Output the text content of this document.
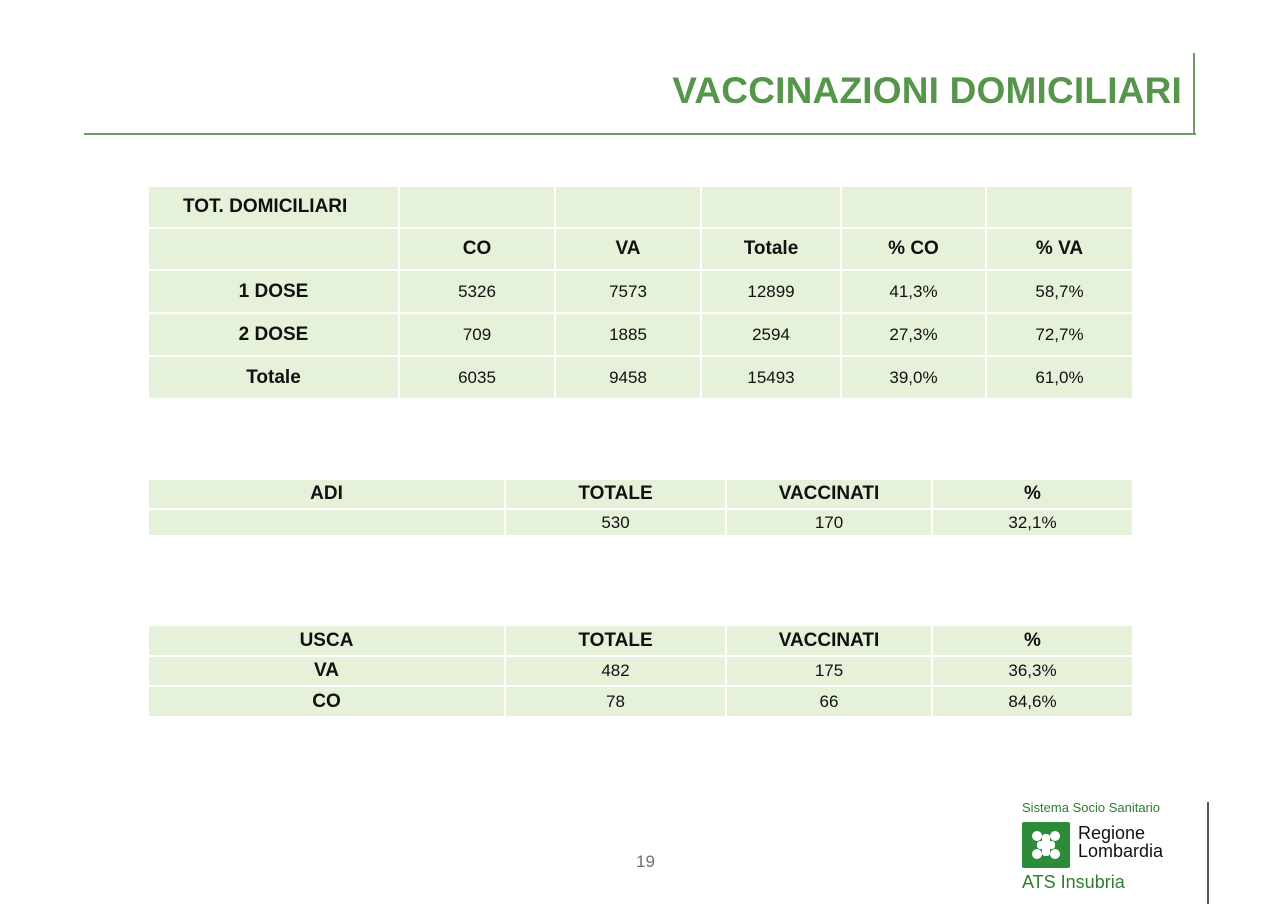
VACCINAZIONI DOMICILIARI
TOT. DOMICILIARI					
	CO	VA	Totale	% CO	% VA
1 DOSE	5326	7573	12899	41,3%	58,7%
2 DOSE	709	1885	2594	27,3%	72,7%
Totale	6035	9458	15493	39,0%	61,0%
ADI	TOTALE	VACCINATI	%
	530	170	32,1%
USCA	TOTALE	VACCINATI	%
VA	482	175	36,3%
CO	78	66	84,6%
19
Sistema Socio Sanitario
Regione
Lombardia
ATS Insubria
